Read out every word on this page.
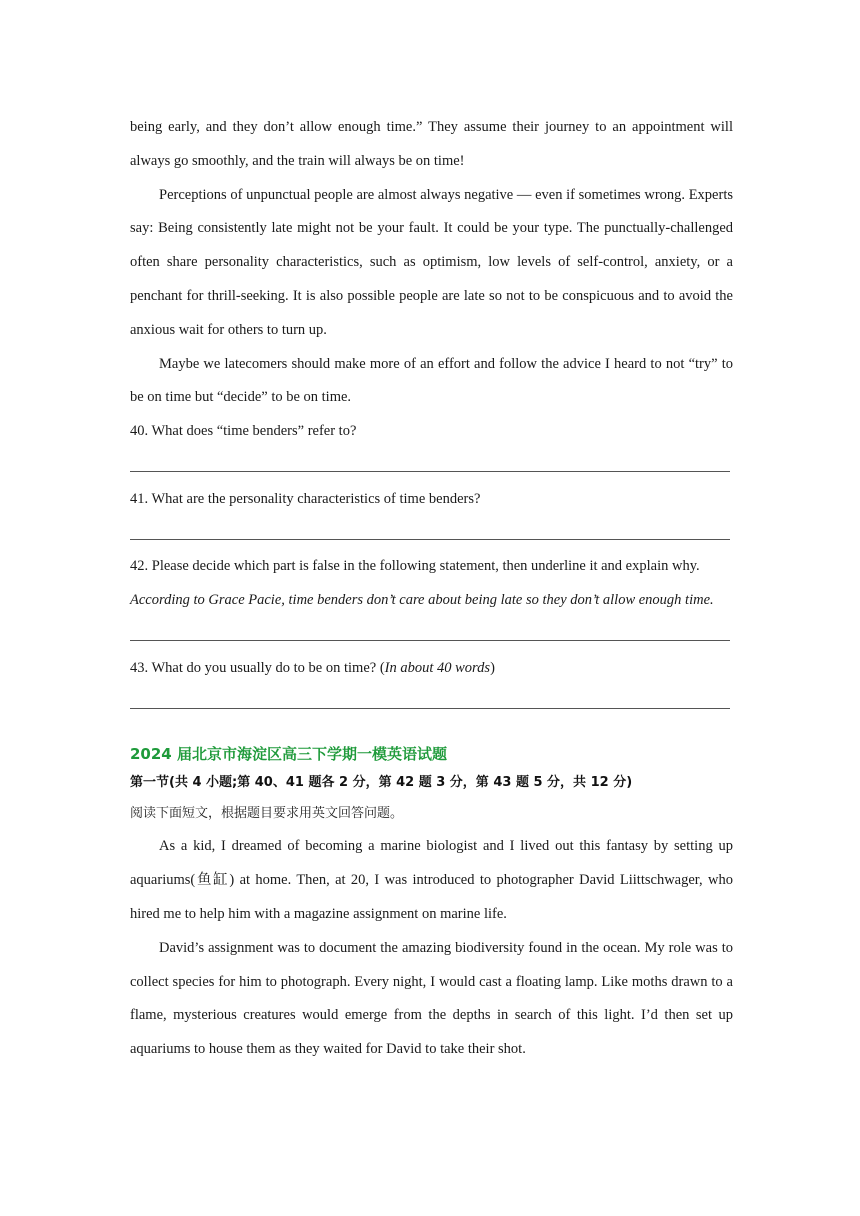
being early, and they don’t allow enough time.” They assume their journey to an appointment will always go smoothly, and the train will always be on time!

Perceptions of unpunctual people are almost always negative — even if sometimes wrong. Experts say: Being consistently late might not be your fault. It could be your type. The punctually-challenged often share personality characteristics, such as optimism, low levels of self-control, anxiety, or a penchant for thrill-seeking. It is also possible people are late so not to be conspicuous and to avoid the anxious wait for others to turn up.

Maybe we latecomers should make more of an effort and follow the advice I heard to not “try” to be on time but “decide” to be on time.

40. What does “time benders” refer to?

41. What are the personality characteristics of time benders?

42. Please decide which part is false in the following statement, then underline it and explain why.

According to Grace Pacie, time benders don’t care about being late so they don’t allow enough time.

43. What do you usually do to be on time? (In about 40 words)

2024 届北京市海淀区高三下学期一模英语试题
第一节(共 4 小题;第 40、41 题各 2 分，第 42 题 3 分，第 43 题 5 分，共 12 分)
阅读下面短文，根据题目要求用英文回答问题。

As a kid, I dreamed of becoming a marine biologist and I lived out this fantasy by setting up aquariums(鱼缸) at home. Then, at 20, I was introduced to photographer David Liittschwager, who hired me to help him with a magazine assignment on marine life.

David’s assignment was to document the amazing biodiversity found in the ocean. My role was to collect species for him to photograph. Every night, I would cast a floating lamp. Like moths drawn to a flame, mysterious creatures would emerge from the depths in search of this light. I’d then set up aquariums to house them as they waited for David to take their shot.
